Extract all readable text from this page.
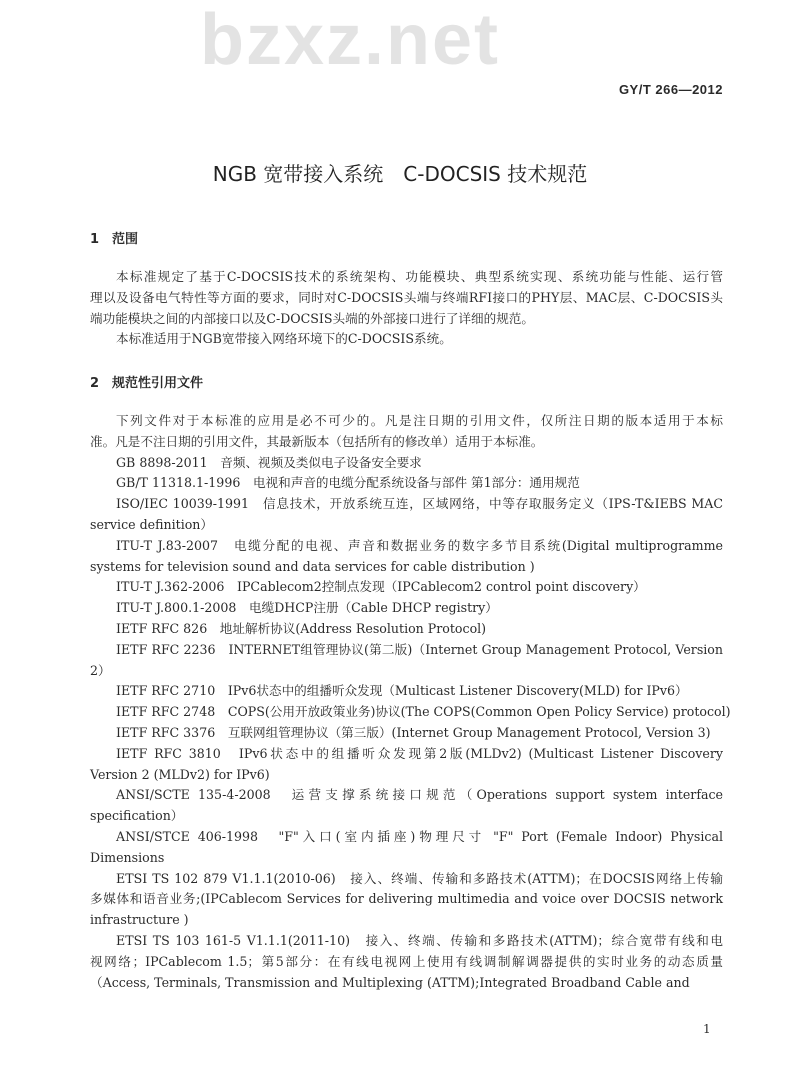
GY/T 266—2012
bzxz.net
NGB 宽带接入系统　C-DOCSIS 技术规范
1　范围
本标准规定了基于C-DOCSIS技术的系统架构、功能模块、典型系统实现、系统功能与性能、运行管
理以及设备电气特性等方面的要求，同时对C-DOCSIS头端与终端RFI接口的PHY层、MAC层、C-DOCSIS头
端功能模块之间的内部接口以及C-DOCSIS头端的外部接口进行了详细的规范。
本标准适用于NGB宽带接入网络环境下的C-DOCSIS系统。
2　规范性引用文件
下列文件对于本标准的应用是必不可少的。凡是注日期的引用文件，仅所注日期的版本适用于本标
准。凡是不注日期的引用文件，其最新版本（包括所有的修改单）适用于本标准。
GB 8898-2011　音频、视频及类似电子设备安全要求
GB/T 11318.1-1996　电视和声音的电缆分配系统设备与部件 第1部分：通用规范
ISO/IEC 10039-1991　信息技术，开放系统互连，区域网络，中等存取服务定义（IPS-T&IEBS MAC
service definition）
ITU-T J.83-2007　电缆分配的电视、声音和数据业务的数字多节目系统(Digital multiprogramme
systems for television sound and data services for cable distribution )
ITU-T J.362-2006　IPCablecom2控制点发现（IPCablecom2 control point discovery）
ITU-T J.800.1-2008　电缆DHCP注册（Cable DHCP registry）
IETF RFC 826　地址解析协议(Address Resolution Protocol)
IETF RFC 2236　INTERNET组管理协议(第二版)（Internet Group Management Protocol, Version
2）
IETF RFC 2710　IPv6状态中的组播听众发现（Multicast Listener Discovery(MLD) for IPv6）
IETF RFC 2748　COPS(公用开放政策业务)协议(The COPS(Common Open Policy Service) protocol)
IETF RFC 3376　互联网组管理协议（第三版）(Internet Group Management Protocol, Version 3)
IETF RFC 3810　IPv6状态中的组播听众发现第2版(MLDv2) (Multicast Listener Discovery
Version 2 (MLDv2) for IPv6)
ANSI/SCTE 135-4-2008　运营支撑系统接口规范（Operations support system interface
specification）
ANSI/STCE 406-1998　"F"入口(室内插座)物理尺寸 "F" Port (Female Indoor) Physical
Dimensions
ETSI TS 102 879 V1.1.1(2010-06)　接入、终端、传输和多路技术(ATTM)；在DOCSIS网络上传输
多媒体和语音业务;(IPCablecom Services for delivering multimedia and voice over DOCSIS network
infrastructure )
ETSI TS 103 161-5 V1.1.1(2011-10)　接入、终端、传输和多路技术(ATTM)；综合宽带有线和电
视网络；IPCablecom 1.5；第5部分：在有线电视网上使用有线调制解调器提供的实时业务的动态质量
（Access, Terminals, Transmission and Multiplexing (ATTM);Integrated Broadband Cable and
1
